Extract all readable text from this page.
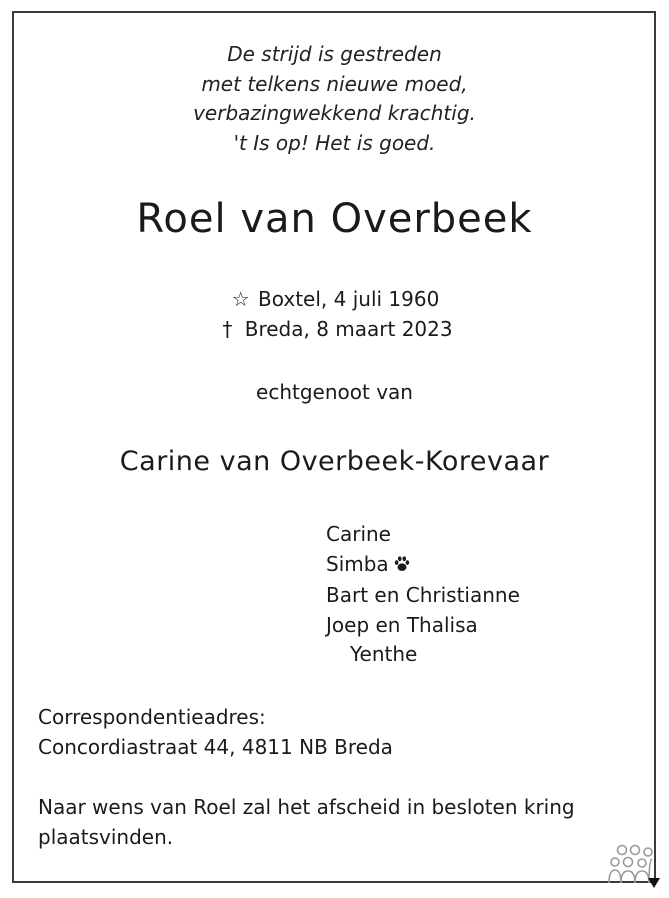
De strijd is gestreden
met telkens nieuwe moed,
verbazingwekkend krachtig.
't Is op! Het is goed.
Roel van Overbeek
☆ Boxtel, 4 juli 1960
† Breda, 8 maart 2023
echtgenoot van
Carine van Overbeek-Korevaar
Carine
Simba
Bart en Christianne
Joep en Thalisa
Yenthe
Correspondentieadres:
Concordiastraat 44, 4811 NB Breda
Naar wens van Roel zal het afscheid in besloten kring plaatsvinden.
